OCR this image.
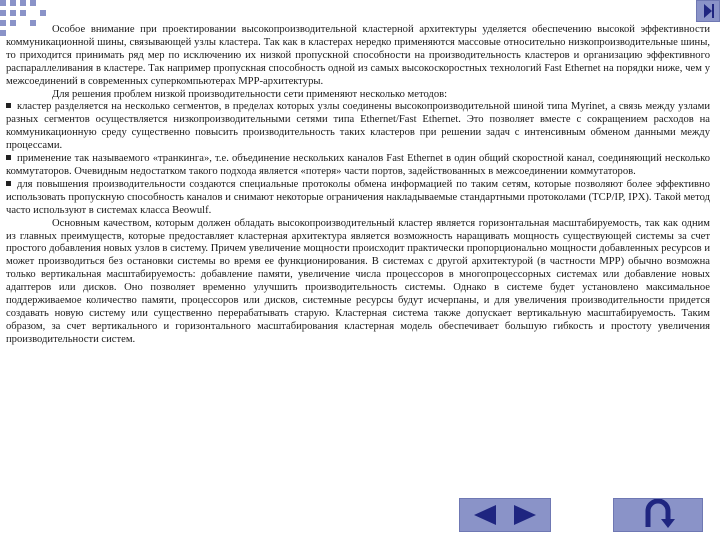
Особое внимание при проектировании высокопроизводительной кластерной архитектуры уделяется обеспечению высокой эффективности коммуникационной шины, связывающей узлы кластера. Так как в кластерах нередко применяются массовые относительно низкопроизводительные шины, то приходится принимать ряд мер по исключению их низкой пропускной способности на производительность кластеров и организацию эффективного распараллеливания в кластере. Так например пропускная способность одной из самых высокоскоростных технологий Fast Ethernet на порядки ниже, чем у межсоединений в современных суперкомпьютерах MPP-архитектуры.

Для решения проблем низкой производительности сети применяют несколько методов:

кластер разделяется на несколько сегментов, в пределах которых узлы соединены высокопроизводительной шиной типа Myrinet, а связь между узлами разных сегментов осуществляется низкопроизводительными сетями типа Ethernet/Fast Ethernet. Это позволяет вместе с сокращением расходов на коммуникационную среду существенно повысить производительность таких кластеров при решении задач с интенсивным обменом данными между процессами.

применение так называемого «транкинга», т.е. объединение нескольких каналов Fast Ethernet в один общий скоростной канал, соединяющий несколько коммутаторов. Очевидным недостатком такого подхода является «потеря» части портов, задействованных в межсоединении коммутаторов.

для повышения производительности создаются специальные протоколы обмена информацией по таким сетям, которые позволяют более эффективно использовать пропускную способность каналов и снимают некоторые ограничения накладываемые стандартными протоколами (TCP/IP, IPX). Такой метод часто используют в системах класса Beowulf.

Основным качеством, которым должен обладать высокопроизводительный кластер является горизонтальная масштабируемость, так как одним из главных преимуществ, которые предоставляет кластерная архитектура является возможность наращивать мощность существующей системы за счет простого добавления новых узлов в систему. Причем увеличение мощности происходит практически пропорционально мощности добавленных ресурсов и может производиться без остановки системы во время ее функционирования. В системах с другой архитектурой (в частности MPP) обычно возможна только вертикальная масштабируемость: добавление памяти, увеличение числа процессоров в многопроцессорных системах или добавление новых адаптеров или дисков. Оно позволяет временно улучшить производительность системы. Однако в системе будет установлено максимальное поддерживаемое количество памяти, процессоров или дисков, системные ресурсы будут исчерпаны, и для увеличения производительности придется создавать новую систему или существенно перерабатывать старую. Кластерная система также допускает вертикальную масштабируемость. Таким образом, за счет вертикального и горизонтального масштабирования кластерная модель обеспечивает большую гибкость и простоту увеличения производительности систем.
